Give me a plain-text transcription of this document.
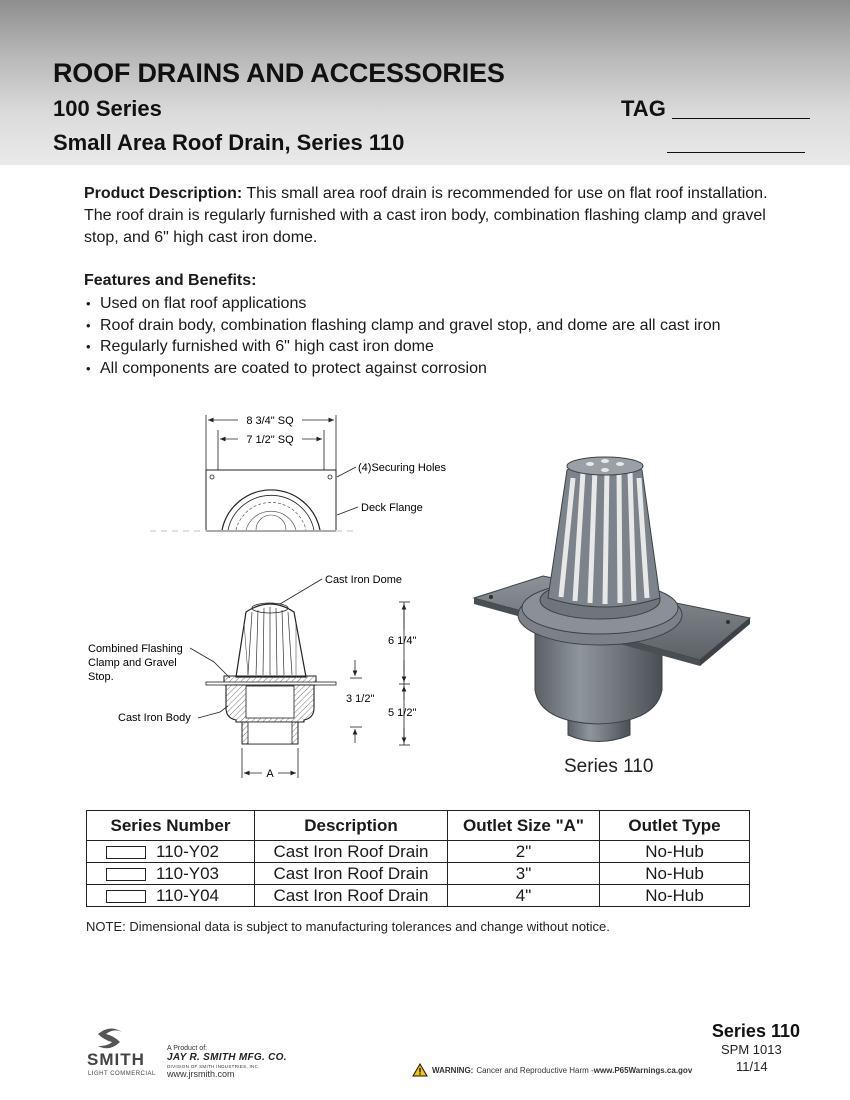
ROOF DRAINS AND ACCESSORIES
100 Series
Small Area Roof Drain, Series 110
TAG
Product Description: This small area roof drain is recommended for use on flat roof installation. The roof drain is regularly furnished with a cast iron body, combination flashing clamp and gravel stop, and 6" high cast iron dome.
Features and Benefits:
• Used on flat roof applications
• Roof drain body, combination flashing clamp and gravel stop, and dome are all cast iron
• Regularly furnished with 6" high cast iron dome
• All components are coated to protect against corrosion
8 3/4" SQ
7 1/2" SQ
(4)Securing Holes
Deck Flange
Cast Iron Dome
Combined Flashing
Clamp and Gravel
Stop.
Cast Iron Body
6 1/4"
5 1/2"
3 1/2"
A	Series 110
Series Number	Description	Outlet Size "A"	Outlet Type
110-Y02	Cast Iron Roof Drain	2"	No-Hub
110-Y03	Cast Iron Roof Drain	3"	No-Hub
110-Y04	Cast Iron Roof Drain	4"	No-Hub
NOTE: Dimensional data is subject to manufacturing tolerances and change without notice.
SMITH
LIGHT COMMERCIAL
A Product of:
JAY R. SMITH MFG. CO.
DIVISION OF SMITH INDUSTRIES, INC.
www.jrsmith.com	WARNING: Cancer and Reproductive Harm - www.P65Warnings.ca.gov
Series 110
SPM 1013
11/14
